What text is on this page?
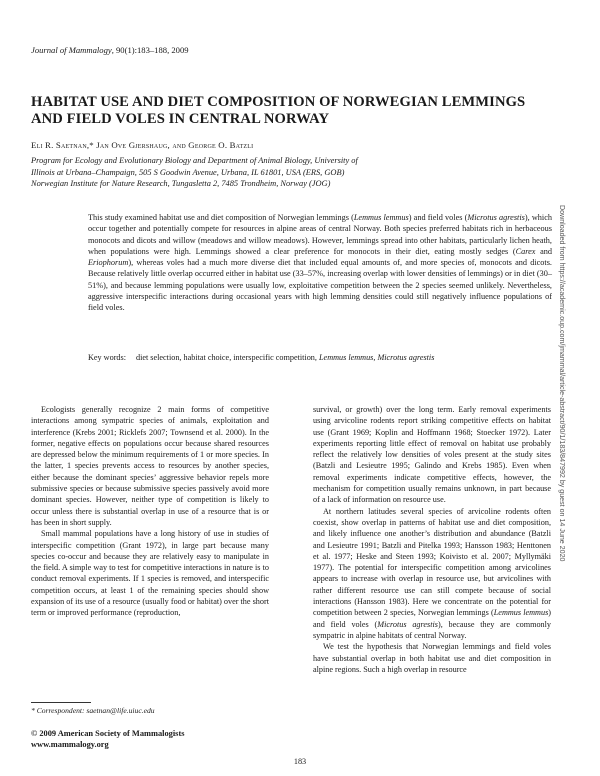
Journal of Mammalogy, 90(1):183–188, 2009
HABITAT USE AND DIET COMPOSITION OF NORWEGIAN LEMMINGS AND FIELD VOLES IN CENTRAL NORWAY
Eli R. Saetnan,* Jan Ove Gjershaug, and George O. Batzli
Program for Ecology and Evolutionary Biology and Department of Animal Biology, University of
Illinois at Urbana–Champaign, 505 S Goodwin Avenue, Urbana, IL 61801, USA (ERS, GOB)
Norwegian Institute for Nature Research, Tungasletta 2, 7485 Trondheim, Norway (JOG)
This study examined habitat use and diet composition of Norwegian lemmings (Lemmus lemmus) and field voles (Microtus agrestis), which occur together and potentially compete for resources in alpine areas of central Norway. Both species preferred habitats rich in herbaceous monocots and dicots and willow (meadows and willow meadows). However, lemmings spread into other habitats, particularly lichen heath, when populations were high. Lemmings showed a clear preference for monocots in their diet, eating mostly sedges (Carex and Eriophorum), whereas voles had a much more diverse diet that included equal amounts of, and more species of, monocots and dicots. Because relatively little overlap occurred either in habitat use (33–57%, increasing overlap with lower densities of lemmings) or in diet (30–51%), and because lemming populations were usually low, exploitative competition between the 2 species seemed unlikely. Nevertheless, aggressive interspecific interactions during occasional years with high lemming densities could still negatively influence populations of field voles.
Key words: diet selection, habitat choice, interspecific competition, Lemmus lemmus, Microtus agrestis

Ecologists generally recognize 2 main forms of competitive interactions among sympatric species of animals, exploitation and interference (Krebs 2001; Ricklefs 2007; Townsend et al. 2000). In the former, negative effects on populations occur because shared resources are depressed below the minimum requirements of 1 or more species. In the latter, 1 species prevents access to resources by another species, either because the dominant species’ aggressive behavior repels more submissive species or because submissive species passively avoid more dominant species. However, neither type of competition is likely to occur unless there is substantial overlap in use of a resource that is or has been in short supply.

Small mammal populations have a long history of use in studies of interspecific competition (Grant 1972), in large part because many species co-occur and because they are relatively easy to manipulate in the field. A simple way to test for competitive interactions in nature is to conduct removal experiments. If 1 species is removed, and interspecific competition occurs, at least 1 of the remaining species should show expansion of its use of a resource (usually food or habitat) over the short term or improved performance (reproduction,

survival, or growth) over the long term. Early removal experiments using arvicoline rodents report striking competitive effects on habitat use (Grant 1969; Koplin and Hoffmann 1968; Stoecker 1972). Later experiments reporting little effect of removal on habitat use probably reflect the relatively low densities of voles present at the study sites (Batzli and Lesieutre 1995; Galindo and Krebs 1985). Even when removal experiments indicate competitive effects, however, the mechanism for competition usually remains unknown, in part because of a lack of information on resource use.

At northern latitudes several species of arvicoline rodents often coexist, show overlap in patterns of habitat use and diet composition, and likely influence one another’s distribution and abundance (Batzli and Lesieutre 1991; Batzli and Pitelka 1993; Hansson 1983; Henttonen et al. 1977; Heske and Steen 1993; Koivisto et al. 2007; Myllymäki 1977). The potential for interspecific competition among arvicolines appears to increase with overlap in resource use, but arvicolines with rather different resource use can still compete because of social interactions (Hansson 1983). Here we concentrate on the potential for competition between 2 species, Norwegian lemmings (Lemmus lemmus) and field voles (Microtus agrestis), because they are commonly sympatric in alpine habitats of central Norway.

We test the hypothesis that Norwegian lemmings and field voles have substantial overlap in both habitat use and diet composition in alpine regions. Such a high overlap in resource

* Correspondent: saetnan@life.uiuc.edu
© 2009 American Society of Mammalogists
www.mammalogy.org
183
Downloaded from https://academic.oup.com/jmammal/article-abstract/90/1/183/847992 by guest on 14 June 2020
